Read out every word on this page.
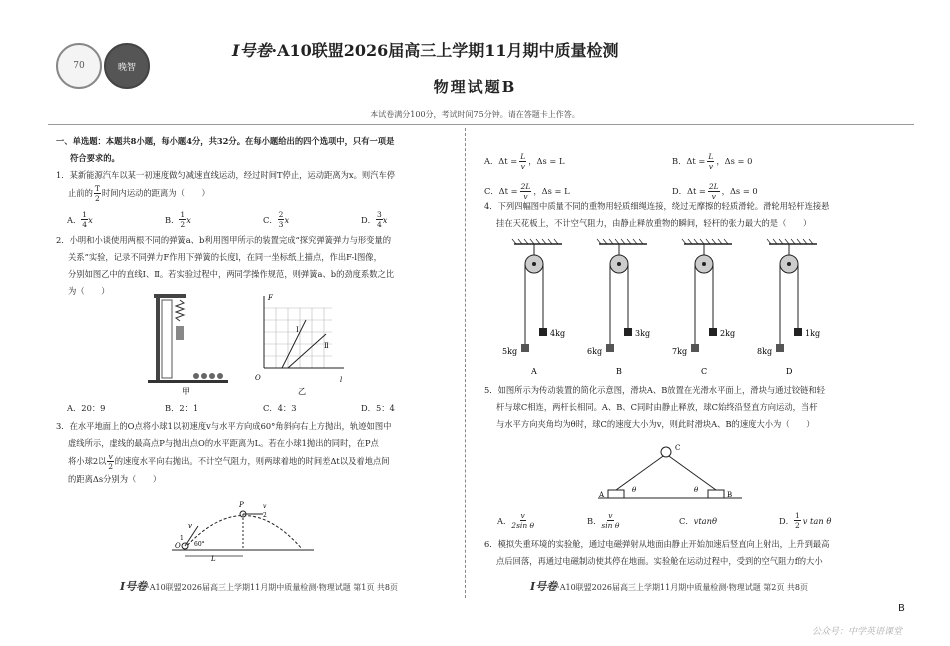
70	晚智
I号卷·A10联盟2026届高三上学期11月期中质量检测
物理试题B
本试卷满分100分，考试时间75分钟。请在答题卡上作答。
一、单选题：本题共8小题，每小题4分，共32分。在每小题给出的四个选项中，只有一项是
符合要求的。
1．某新能源汽车以某一初速度做匀减速直线运动，经过时间T停止，运动距离为x。则汽车停
止前的 T
2
时间内运动的距离为（　　）
A． 1
4 x	B． 1
2 x	C． 2
3 x	D． 3
4 x
2．小明和小谈使用两根不同的弹簧a、b利用图甲所示的装置完成“探究弹簧弹力与形变量的
关系”实验，记录不同弹力F作用下弹簧的长度l，在同一坐标纸上描点，作出F-l图像，
分别如图乙中的直线Ⅰ、Ⅱ。若实验过程中，两同学操作规范，则弹簧a、b的劲度系数之比
为（　　）
甲
F
l
O
Ⅰ
Ⅱ
乙
A．20：9	B．2：1	C．4：3	D．5：4
3．在水平地面上的O点将小球1以初速度v与水平方向成60°角斜向右上方抛出，轨迹如图中
虚线所示，虚线的最高点P与抛出点O的水平距离为L。若在小球1抛出的同时，在P点
将小球2以 v
2
的速度水平向右抛出。不计空气阻力，则两球着地的时间差Δt以及着地点间
的距离Δs分别为（　　）
v
P	v
2
O
1
60°
L
I号卷·A10联盟2026届高三上学期11月期中质量检测·物理试题 第1页 共8页
A． $\Delta t = \frac{L}{v}$ ，Δs = L	B． $\Delta t = \frac{L}{v}$ ，Δs = 0
C． $\Delta t = \frac{2L}{v}$ ，Δs = L	D． $\Delta t = \frac{2L}{v}$ ，Δs = 0
4．下列四幅图中质量不同的重物用轻质细绳连接，绕过无摩擦的轻质滑轮。滑轮用轻杆连接悬
挂在天花板上，不计空气阻力，由静止释放重物的瞬间，轻杆的张力最大的是（　　）
5kg
4kg
A
6kg
3kg
B
7kg
2kg
C
8kg
1kg
D
5．如图所示为传动装置的简化示意图，滑块A、B放置在光滑水平面上，滑块与通过铰链和轻
杆与球C相连，两杆长相同。A、B、C同时由静止释放，球C始终沿竖直方向运动，当杆
与水平方向夹角均为θ时，球C的速度大小为v，则此时滑块A、B的速度大小为（　　）
C
A	B
θ	θ
A． v
2sin θ	B． v
sin θ	C． vtanθ	D． 1
2 v tan θ
6．模拟失重环境的实验舱，通过电磁弹射从地面由静止开始加速后竖直向上射出，上升到最高
点后回落，再通过电磁制动使其停在地面。实验舱在运动过程中，受到的空气阻力f的大小
I号卷·A10联盟2026届高三上学期11月期中质量检测·物理试题 第2页 共8页
B
公众号：中学英语课堂
